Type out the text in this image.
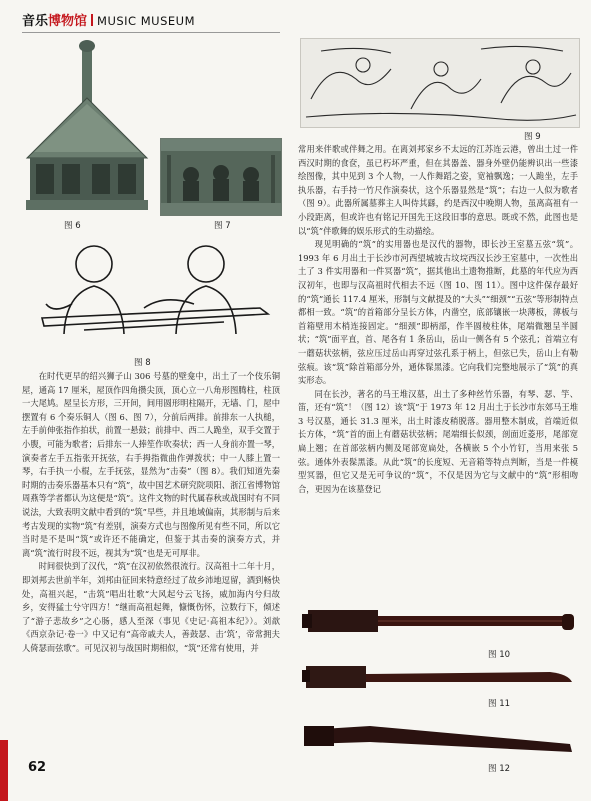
音乐博物馆 MUSIC MUSEUM
图 6	图 7
图 8
图 9

在时代更早的绍兴狮子山 306 号墓的壁龛中，出土了一个伎乐铜屋，通高 17 厘米，屋顶作四角攒尖顶，顶心立一八角形图腾柱，柱顶一大尾鸠。屋呈长方形，三开间，间用圆形明柱隔开，无墙、门，屋中摆置有 6 个奏乐铜人（图 6、图 7），分前后两排。前排东一人执槌，左手前伸张指作拍状，前置一悬鼓；前排中、西二人跪坐，双手交置于小腹，可能为歌者；后排东一人捧笙作吹奏状；西一人身前亦置一琴，演奏者左手五指张开抚弦，右手拇指微曲作弹拨状；中一人膝上置一琴，右手执一小棍，左手抚弦，显然为“击奏”（图 8）。我们知道先秦时期的击奏乐器基本只有“筑”，故中国艺术研究院项阳、浙江省博物馆周燕等学者都认为这便是“筑”。这件文物的时代属春秋或战国时有不同说法，大致表明文献中看到的“筑”早些，并且地域偏南，其形制与后来考古发现的实物“筑”有差别，演奏方式也与图像所见有些不同，所以它当时是不是叫“筑”或许还不能确定，但鉴于其击奏的演奏方式，并离“筑”流行时段不远，视其为“筑”也是无可厚非。

时间很快到了汉代，“筑”在汉初依然很流行。汉高祖十二年十月，即刘邦去世前半年，刘邦由征回来特意经过了故乡沛地逗留，酒到畅快处，高祖兴起，“击筑”唱出壮歌“大风起兮云飞扬，威加海内兮归故乡，安得猛士兮守四方！”继而高祖起舞，慷慨伤怀，泣数行下，倾述了“游子悲故乡”之心肠，感人至深（事见《史记·高祖本纪》）。刘歆《西京杂记·卷一》中又记有“高帝戚夫人，善鼓瑟、击‘筑’，帝常拥夫人倚瑟而弦歌”。可见汉初与战国时期相似，“筑”还常有使用，并

常用来伴歌或伴舞之用。在离刘邦家乡不太远的江苏连云港，曾出土过一件西汉时期的食奁，虽已朽坏严重，但在其器盖、器身外壁仍能辨识出一些漆绘图像，其中见到 3 个人物，一人作舞蹈之姿，宽袖飘逸；一人跪坐，左手执乐器，右手持一竹尺作演奏状，这个乐器显然是“筑”；右边一人似为歌者（图 9）。此器所属墓葬主人叫侍其繇，约是西汉中晚期人物，虽离高祖有一小段距离，但或许也有铭记开国先王这段旧事的意思。既或不然，此图也是以“筑”伴歌舞的娱乐形式的生动描绘。

现见明确的“筑”的实用器也是汉代的器物，即长沙王室墓五弦“筑”。1993 年 6 月出土于长沙市河西望城坡古坟垸西汉长沙王室墓中，一次性出土了 3 件实用器和一件冥器“筑”，据其他出土遗物推断，此墓的年代应为西汉初年，也即与汉高祖时代相去不远（图 10、图 11）。图中这件保存最好的“筑”通长 117.4 厘米，形制与文献提及的“大头”“细颈”“五弦”等形制特点都相一致。“筑”的首箱部分呈长方体，内凿空，底部镶嵌一块薄板，薄板与首箱壁用木梢连接固定。“细颈”即柄部，作半圆棱柱体，尾端微翘呈半圆状；“筑”面平直，首、尾各有 1 条岳山，岳山一侧各有 5 个弦孔；首端立有一蘑菇状弦柄，弦应压过岳山再穿过弦孔系于柄上，但弦已失，岳山上有勒弦痕。该“筑”除首箱部分外，通体髹黑漆。它向我们完整地展示了“筑”的真实形态。

同在长沙，著名的马王堆汉墓，出土了多种丝竹乐器，有琴、瑟、竽、笛，还有“筑”！（图 12）该“筑”于 1973 年 12 月出土于长沙市东郊马王堆 3 号汉墓，通长 31.3 厘米，出土时漆皮稍脱落。器用整木制成，首端近似长方体，“筑”首的面上有蘑菇状弦柄；尾端细长似颈，剖面近菱形，尾部宽扁上翘；在首部弦柄内侧及尾部宽扁处，各横嵌 5 个小竹钉，当用来张 5 弦。通体外表髹黑漆。从此“筑”的长度短、无音箱等特点判断，当是一件模型冥器，但它又是无可争议的“筑”，不仅是因为它与文献中的“筑”形相吻合，更因为在该墓登记

图 10
图 11
图 12
62
